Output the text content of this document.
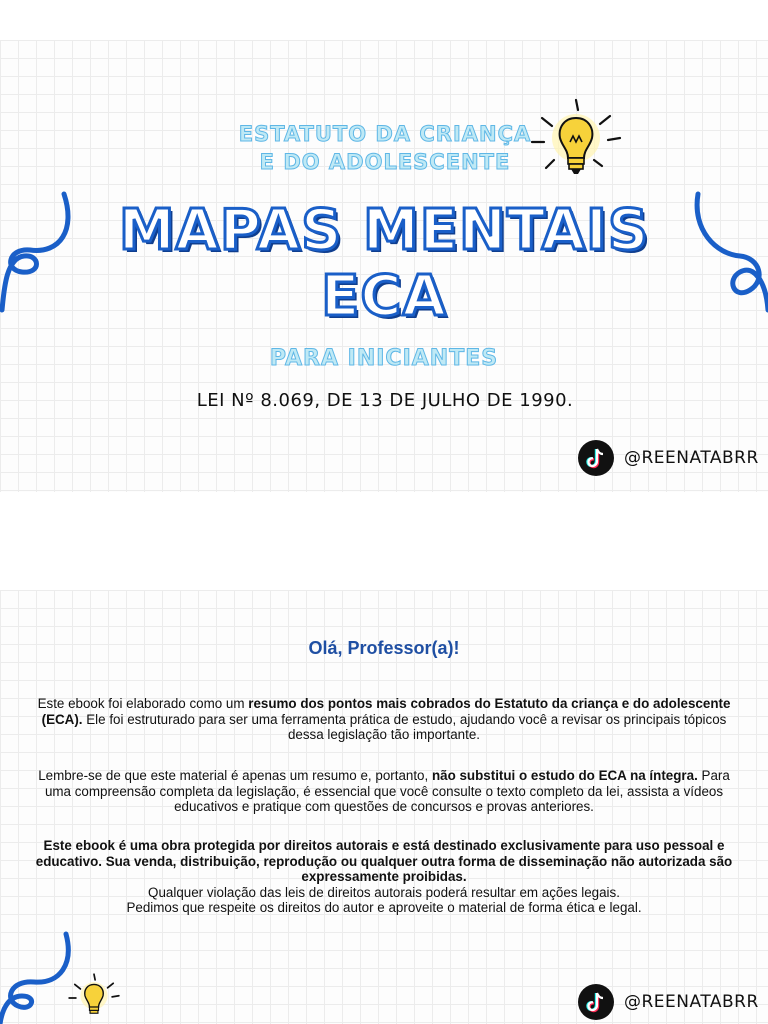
ESTATUTO DA CRIANÇA
E DO ADOLESCENTE
MAPAS MENTAIS
ECA
PARA INICIANTES
LEI Nº 8.069, DE 13 DE JULHO DE 1990.
@REENATABRR
Olá, Professor(a)!
Este ebook foi elaborado como um resumo dos pontos mais cobrados do Estatuto da criança e do adolescente (ECA). Ele foi estruturado para ser uma ferramenta prática de estudo, ajudando você a revisar os principais tópicos dessa legislação tão importante.
Lembre-se de que este material é apenas um resumo e, portanto, não substitui o estudo do ECA na íntegra. Para uma compreensão completa da legislação, é essencial que você consulte o texto completo da lei, assista a vídeos educativos e pratique com questões de concursos e provas anteriores.
Este ebook é uma obra protegida por direitos autorais e está destinado exclusivamente para uso pessoal e educativo. Sua venda, distribuição, reprodução ou qualquer outra forma de disseminação não autorizada são expressamente proibidas.
Qualquer violação das leis de direitos autorais poderá resultar em ações legais.
Pedimos que respeite os direitos do autor e aproveite o material de forma ética e legal.
@REENATABRR
